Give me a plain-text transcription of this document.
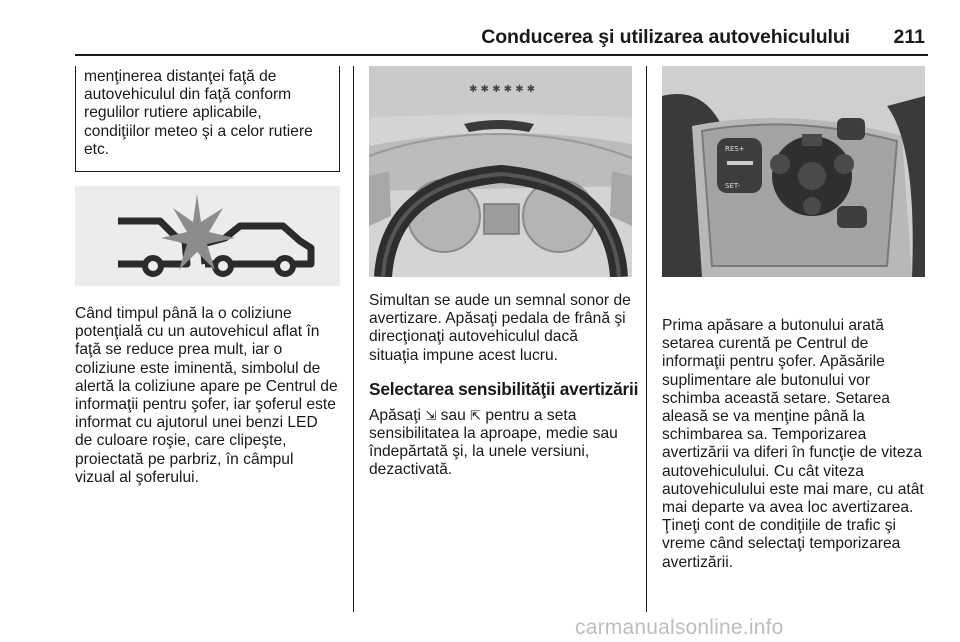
Conducerea şi utilizarea autovehiculului 211
menţinerea distanţei faţă de
autovehiculul din faţă conform
regulilor rutiere aplicabile,
condiţiilor meteo şi a celor rutiere
etc.
Când timpul până la o coliziune
potenţială cu un autovehicul aflat în
faţă se reduce prea mult, iar o
coliziune este iminentă, simbolul de
alertă la coliziune apare pe Centrul de
informaţii pentru şofer, iar şoferul este
informat cu ajutorul unei benzi LED
de culoare roşie, care clipeşte,
proiectată pe parbriz, în câmpul
vizual al şoferului.
✱ ✱ ✱ ✱ ✱ ✱
Simultan se aude un semnal sonor de
avertizare. Apăsaţi pedala de frână şi
direcţionaţi autovehiculul dacă
situaţia impune acest lucru.
Selectarea sensibilităţii avertizării
Apăsaţi ⇲ sau ⇱ pentru a seta
sensibilitatea la aproape, medie sau
îndepărtată şi, la unele versiuni,
dezactivată.
RES+
SET-
Prima apăsare a butonului arată
setarea curentă pe Centrul de
informaţii pentru şofer. Apăsările
suplimentare ale butonului vor
schimba această setare. Setarea
aleasă se va menţine până la
schimbarea sa. Temporizarea
avertizării va diferi în funcţie de viteza
autovehiculului. Cu cât viteza
autovehiculului este mai mare, cu atât
mai departe va avea loc avertizarea.
Ţineţi cont de condiţiile de trafic şi
vreme când selectaţi temporizarea
avertizării.
carmanualsonline.info
